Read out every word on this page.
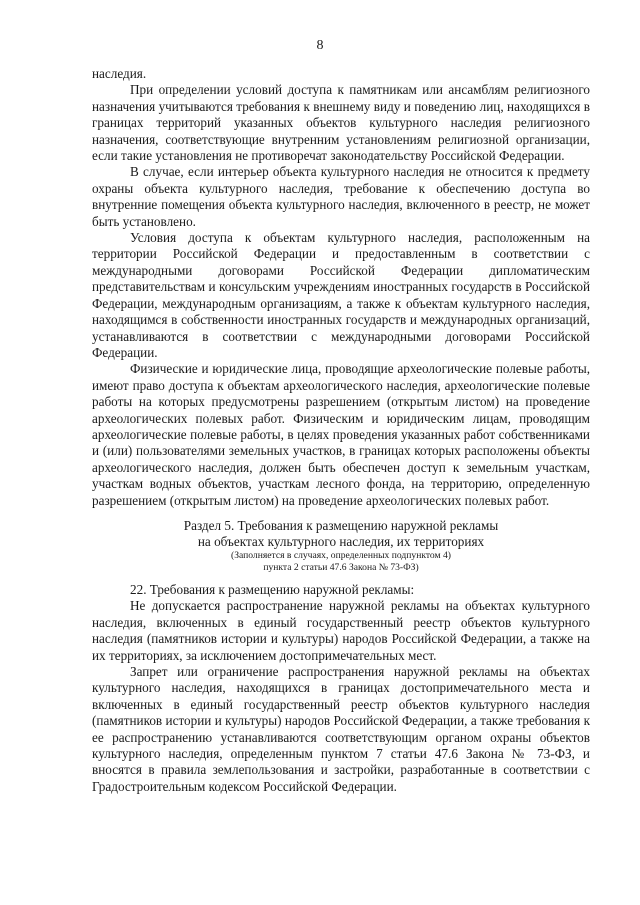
8

наследия.

При определении условий доступа к памятникам или ансамблям религиозного назначения учитываются требования к внешнему виду и поведению лиц, находящихся в границах территорий указанных объектов культурного наследия религиозного назначения, соответствующие внутренним установлениям религиозной организации, если такие установления не противоречат законодательству Российской Федерации.

В случае, если интерьер объекта культурного наследия не относится к предмету охраны объекта культурного наследия, требование к обеспечению доступа во внутренние помещения объекта культурного наследия, включенного в реестр, не может быть установлено.

Условия доступа к объектам культурного наследия, расположенным на территории Российской Федерации и предоставленным в соответствии с международными договорами Российской Федерации дипломатическим представительствам и консульским учреждениям иностранных государств в Российской Федерации, международным организациям, а также к объектам культурного наследия, находящимся в собственности иностранных государств и международных организаций, устанавливаются в соответствии с международными договорами Российской Федерации.

Физические и юридические лица, проводящие археологические полевые работы, имеют право доступа к объектам археологического наследия, археологические полевые работы на которых предусмотрены разрешением (открытым листом) на проведение археологических полевых работ. Физическим и юридическим лицам, проводящим археологические полевые работы, в целях проведения указанных работ собственниками и (или) пользователями земельных участков, в границах которых расположены объекты археологического наследия, должен быть обеспечен доступ к земельным участкам, участкам водных объектов, участкам лесного фонда, на территорию, определенную разрешением (открытым листом) на проведение археологических полевых работ.

Раздел 5. Требования к размещению наружной рекламы
на объектах культурного наследия, их территориях
(Заполняется в случаях, определенных подпунктом 4)
пункта 2 статьи 47.6 Закона № 73-ФЗ)

22. Требования к размещению наружной рекламы:

Не допускается распространение наружной рекламы на объектах культурного наследия, включенных в единый государственный реестр объектов культурного наследия (памятников истории и культуры) народов Российской Федерации, а также на их территориях, за исключением достопримечательных мест.

Запрет или ограничение распространения наружной рекламы на объектах культурного наследия, находящихся в границах достопримечательного места и включенных в единый государственный реестр объектов культурного наследия (памятников истории и культуры) народов Российской Федерации, а также требования к ее распространению устанавливаются соответствующим органом охраны объектов культурного наследия, определенным пунктом 7 статьи 47.6 Закона № 73-ФЗ, и вносятся в правила землепользования и застройки, разработанные в соответствии с Градостроительным кодексом Российской Федерации.
